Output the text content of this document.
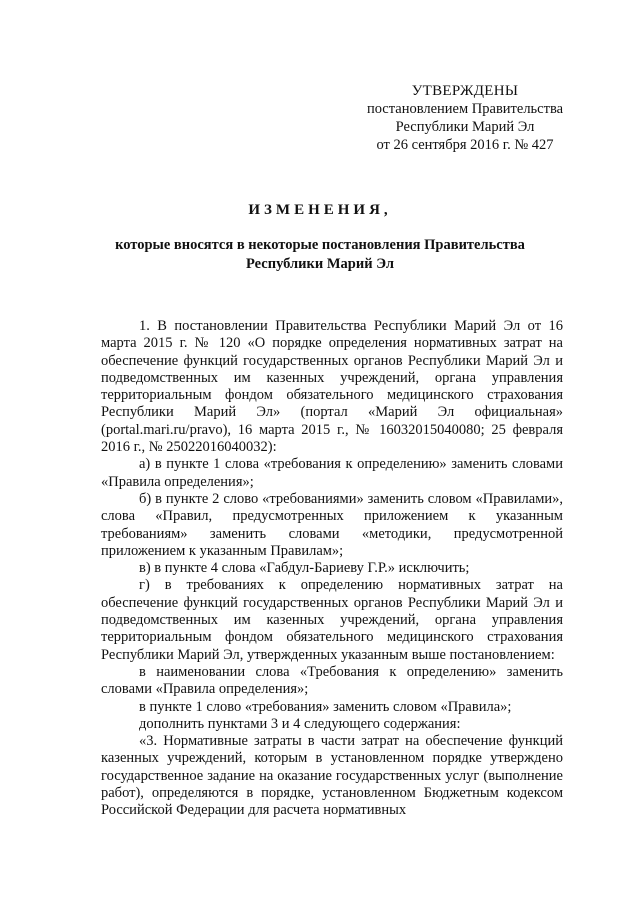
УТВЕРЖДЕНЫ
постановлением Правительства
Республики Марий Эл
от 26 сентября 2016 г. № 427
ИЗМЕНЕНИЯ,
которые вносятся в некоторые постановления Правительства
Республики Марий Эл

1. В постановлении Правительства Республики Марий Эл от 16 марта 2015 г. № 120 «О порядке определения нормативных затрат на обеспечение функций государственных органов Республики Марий Эл и подведомственных им казенных учреждений, органа управления территориальным фондом обязательного медицинского страхования Республики Марий Эл» (портал «Марий Эл официальная» (portal.mari.ru/pravo), 16 марта 2015 г., № 16032015040080; 25 февраля 2016 г., № 25022016040032):

а) в пункте 1 слова «требования к определению» заменить словами «Правила определения»;

б) в пункте 2 слово «требованиями» заменить словом «Правилами», слова «Правил, предусмотренных приложением к указанным требованиям» заменить словами «методики, предусмотренной приложением к указанным Правилам»;

в) в пункте 4 слова «Габдул-Бариеву Г.Р.» исключить;

г) в требованиях к определению нормативных затрат на обеспечение функций государственных органов Республики Марий Эл и подведомственных им казенных учреждений, органа управления территориальным фондом обязательного медицинского страхования Республики Марий Эл, утвержденных указанным выше постановлением:

в наименовании слова «Требования к определению» заменить словами «Правила определения»;

в пункте 1 слово «требования» заменить словом «Правила»;

дополнить пунктами 3 и 4 следующего содержания:

«3. Нормативные затраты в части затрат на обеспечение функций казенных учреждений, которым в установленном порядке утверждено государственное задание на оказание государственных услуг (выполнение работ), определяются в порядке, установленном Бюджетным кодексом Российской Федерации для расчета нормативных
